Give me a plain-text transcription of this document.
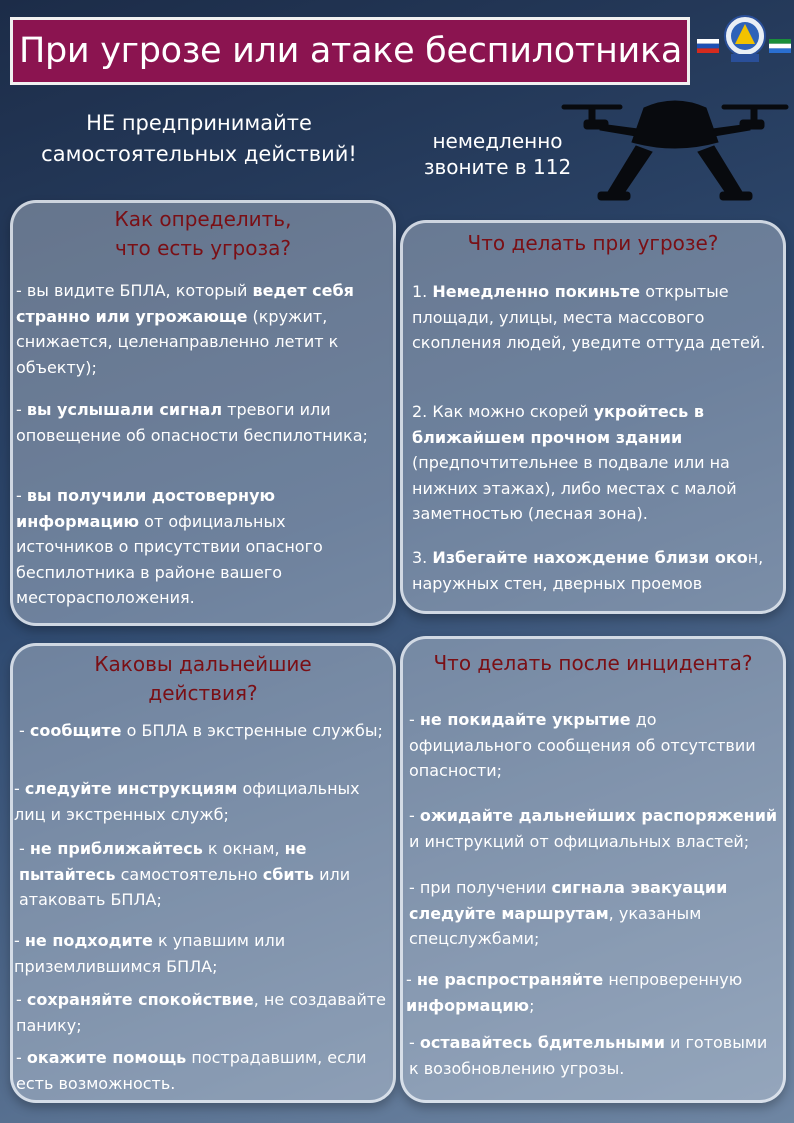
При угрозе или атаке беспилотника
НЕ предпринимайте
самостоятельных действий!
немедленно
звоните в 112
Как определить,
что есть угроза?
- вы видите БПЛА, который ведет себя странно или угрожающе (кружит, снижается, целенаправленно летит к объекту);
- вы услышали сигнал тревоги или оповещение об опасности беспилотника;
- вы получили достоверную информацию от официальных источников о присутствии опасного беспилотника в районе вашего месторасположения.
Что делать при угрозе?
1. Немедленно покиньте открытые площади, улицы, места массового скопления людей, уведите оттуда детей.
2. Как можно скорей укройтесь в ближайшем прочном здании (предпочтительнее в подвале или на нижних этажах), либо местах с малой заметностью (лесная зона).
3. Избегайте нахождение близи окон, наружных стен, дверных проемов
Каковы дальнейшие
действия?
- сообщите о БПЛА в экстренные службы;
- следуйте инструкциям официальных лиц и экстренных служб;
- не приближайтесь к окнам, не пытайтесь самостоятельно сбить или атаковать БПЛА;
- не подходите к упавшим или приземлившимся БПЛА;
- сохраняйте спокойствие, не создавайте панику;
- окажите помощь пострадавшим, если есть возможность.
Что делать после инцидента?
- не покидайте укрытие до официального сообщения об отсутствии опасности;
- ожидайте дальнейших распоряжений и инструкций от официальных властей;
- при получении сигнала эвакуации следуйте маршрутам, указаным спецслужбами;
- не распространяйте непроверенную информацию;
- оставайтесь бдительными и готовыми к возобновлению угрозы.
